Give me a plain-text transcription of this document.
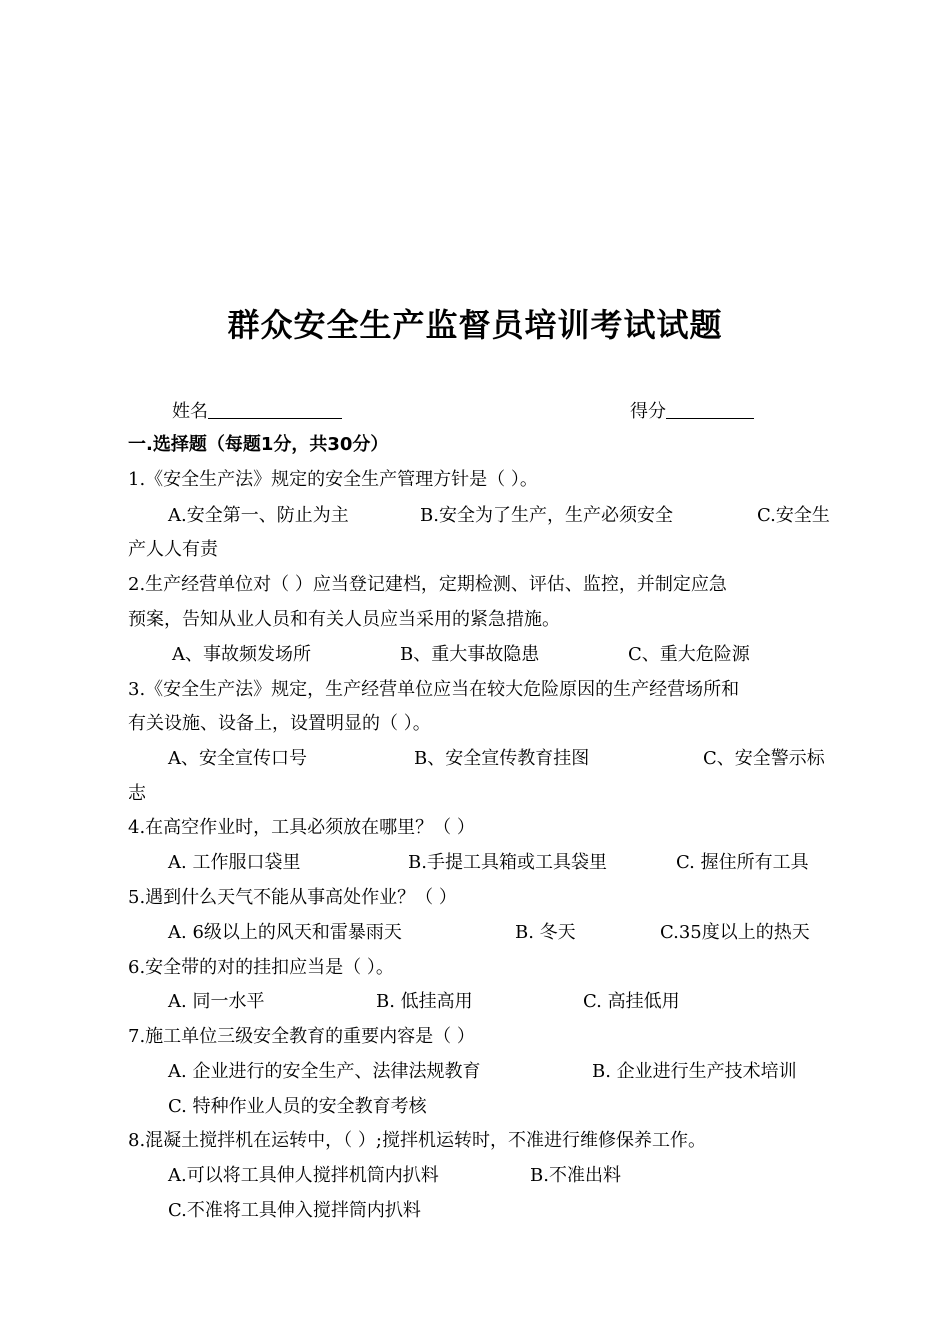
群众安全生产监督员培训考试试题
姓名	得分
一.选择题（每题1分，共30分）
1.《安全生产法》规定的安全生产管理方针是（ ）。
A.安全第一、防止为主	B.安全为了生产，生产必须安全	C.安全生
产人人有责
2.生产经营单位对（ ）应当登记建档，定期检测、评估、监控，并制定应急
预案，告知从业人员和有关人员应当采用的紧急措施。
A、事故频发场所	B、重大事故隐患	C、重大危险源
3.《安全生产法》规定，生产经营单位应当在较大危险原因的生产经营场所和
有关设施、设备上，设置明显的（ ）。
A、安全宣传口号	B、安全宣传教育挂图	C、安全警示标
志
4.在高空作业时，工具必须放在哪里？（ ）
A. 工作服口袋里	B.手提工具箱或工具袋里	C. 握住所有工具
5.遇到什么天气不能从事高处作业？（ ）
A. 6级以上的风天和雷暴雨天	B. 冬天	C.35度以上的热天
6.安全带的对的挂扣应当是（ ）。
A. 同一水平	B. 低挂高用	C. 高挂低用
7.施工单位三级安全教育的重要内容是（ ）
A. 企业进行的安全生产、法律法规教育	B. 企业进行生产技术培训
C. 特种作业人员的安全教育考核
8.混凝土搅拌机在运转中，（ ）;搅拌机运转时，不准进行维修保养工作。
A.可以将工具伸人搅拌机筒内扒料	B.不准出料
C.不准将工具伸入搅拌筒内扒料
